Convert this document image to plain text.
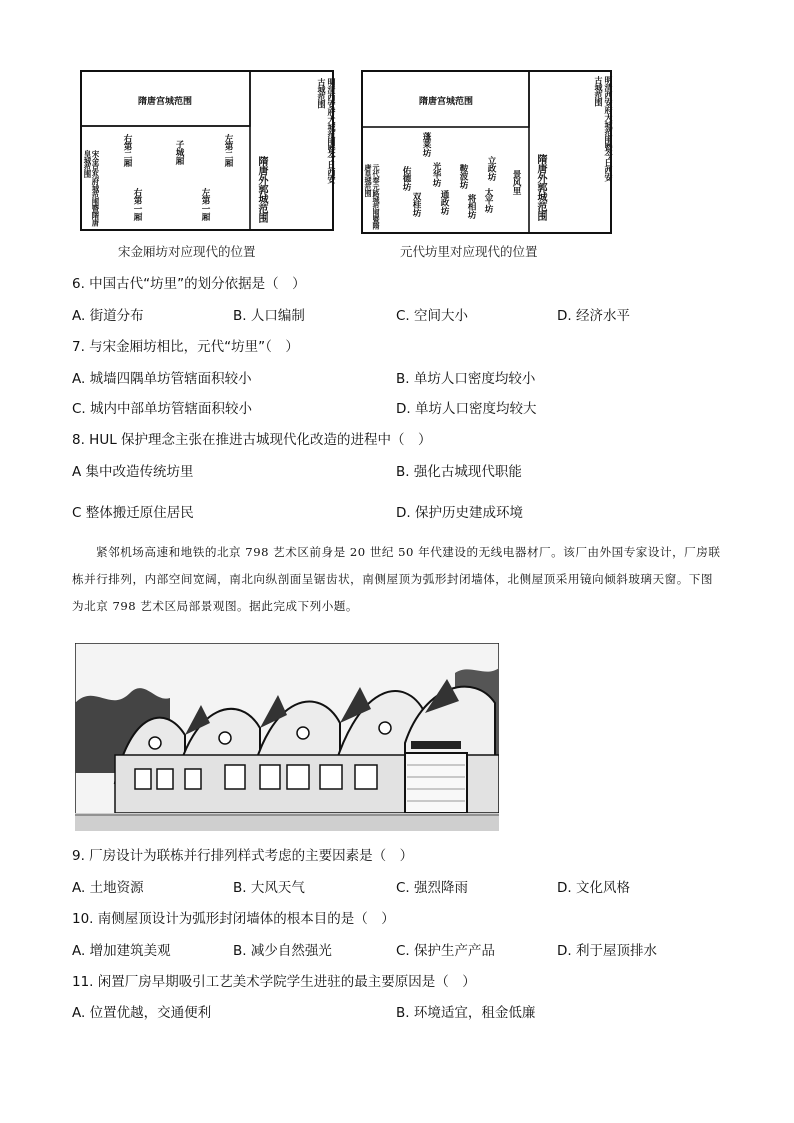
隋唐宫城范围	明清西安府大城范围暨今日西安古城范围
隋唐外郭城范围
宋金京兆府城范围暨隋唐皇城范围	右第二厢	子城厢	左第二厢
右第一厢	左第一厢
宋金厢坊对应现代的位置
隋唐宫城范围	明清西安府大城范围暨今日西安古城范围
隋唐外郭城范围
元代奉元路城范围暨隋唐皇城范围	佑德坊
双桂坊
蓬莱坊
光华坊
通政坊
鞍波坊
将相坊
立政坊
太平坊
景风里
元代坊里对应现代的位置
6. 中国古代“坊里”的划分依据是（　）
A. 街道分布	B. 人口编制	C. 空间大小	D. 经济水平
7. 与宋金厢坊相比，元代“坊里”（　）
A. 城墙四隅单坊管辖面积较小	B. 单坊人口密度均较小
C. 城内中部单坊管辖面积较小	D. 单坊人口密度均较大
8. HUL 保护理念主张在推进古城现代化改造的进程中（　）
A 集中改造传统坊里	B. 强化古城现代职能
C 整体搬迁原住居民	D. 保护历史建成环境
紧邻机场高速和地铁的北京 798 艺术区前身是 20 世纪 50 年代建设的无线电器材厂。该厂由外国专家设计，厂房联栋并行排列，内部空间宽阔，南北向纵剖面呈锯齿状，南侧屋顶为弧形封闭墙体，北侧屋顶采用镜向倾斜玻璃天窗。下图为北京 798 艺术区局部景观图。据此完成下列小题。
9. 厂房设计为联栋并行排列样式考虑的主要因素是（　）
A. 土地资源	B. 大风天气	C. 强烈降雨	D. 文化风格
10. 南侧屋顶设计为弧形封闭墙体的根本目的是（　）
A. 增加建筑美观	B. 减少自然强光	C. 保护生产产品	D. 利于屋顶排水
11. 闲置厂房早期吸引工艺美术学院学生进驻的最主要原因是（　）
A. 位置优越，交通便利	B. 环境适宜，租金低廉
